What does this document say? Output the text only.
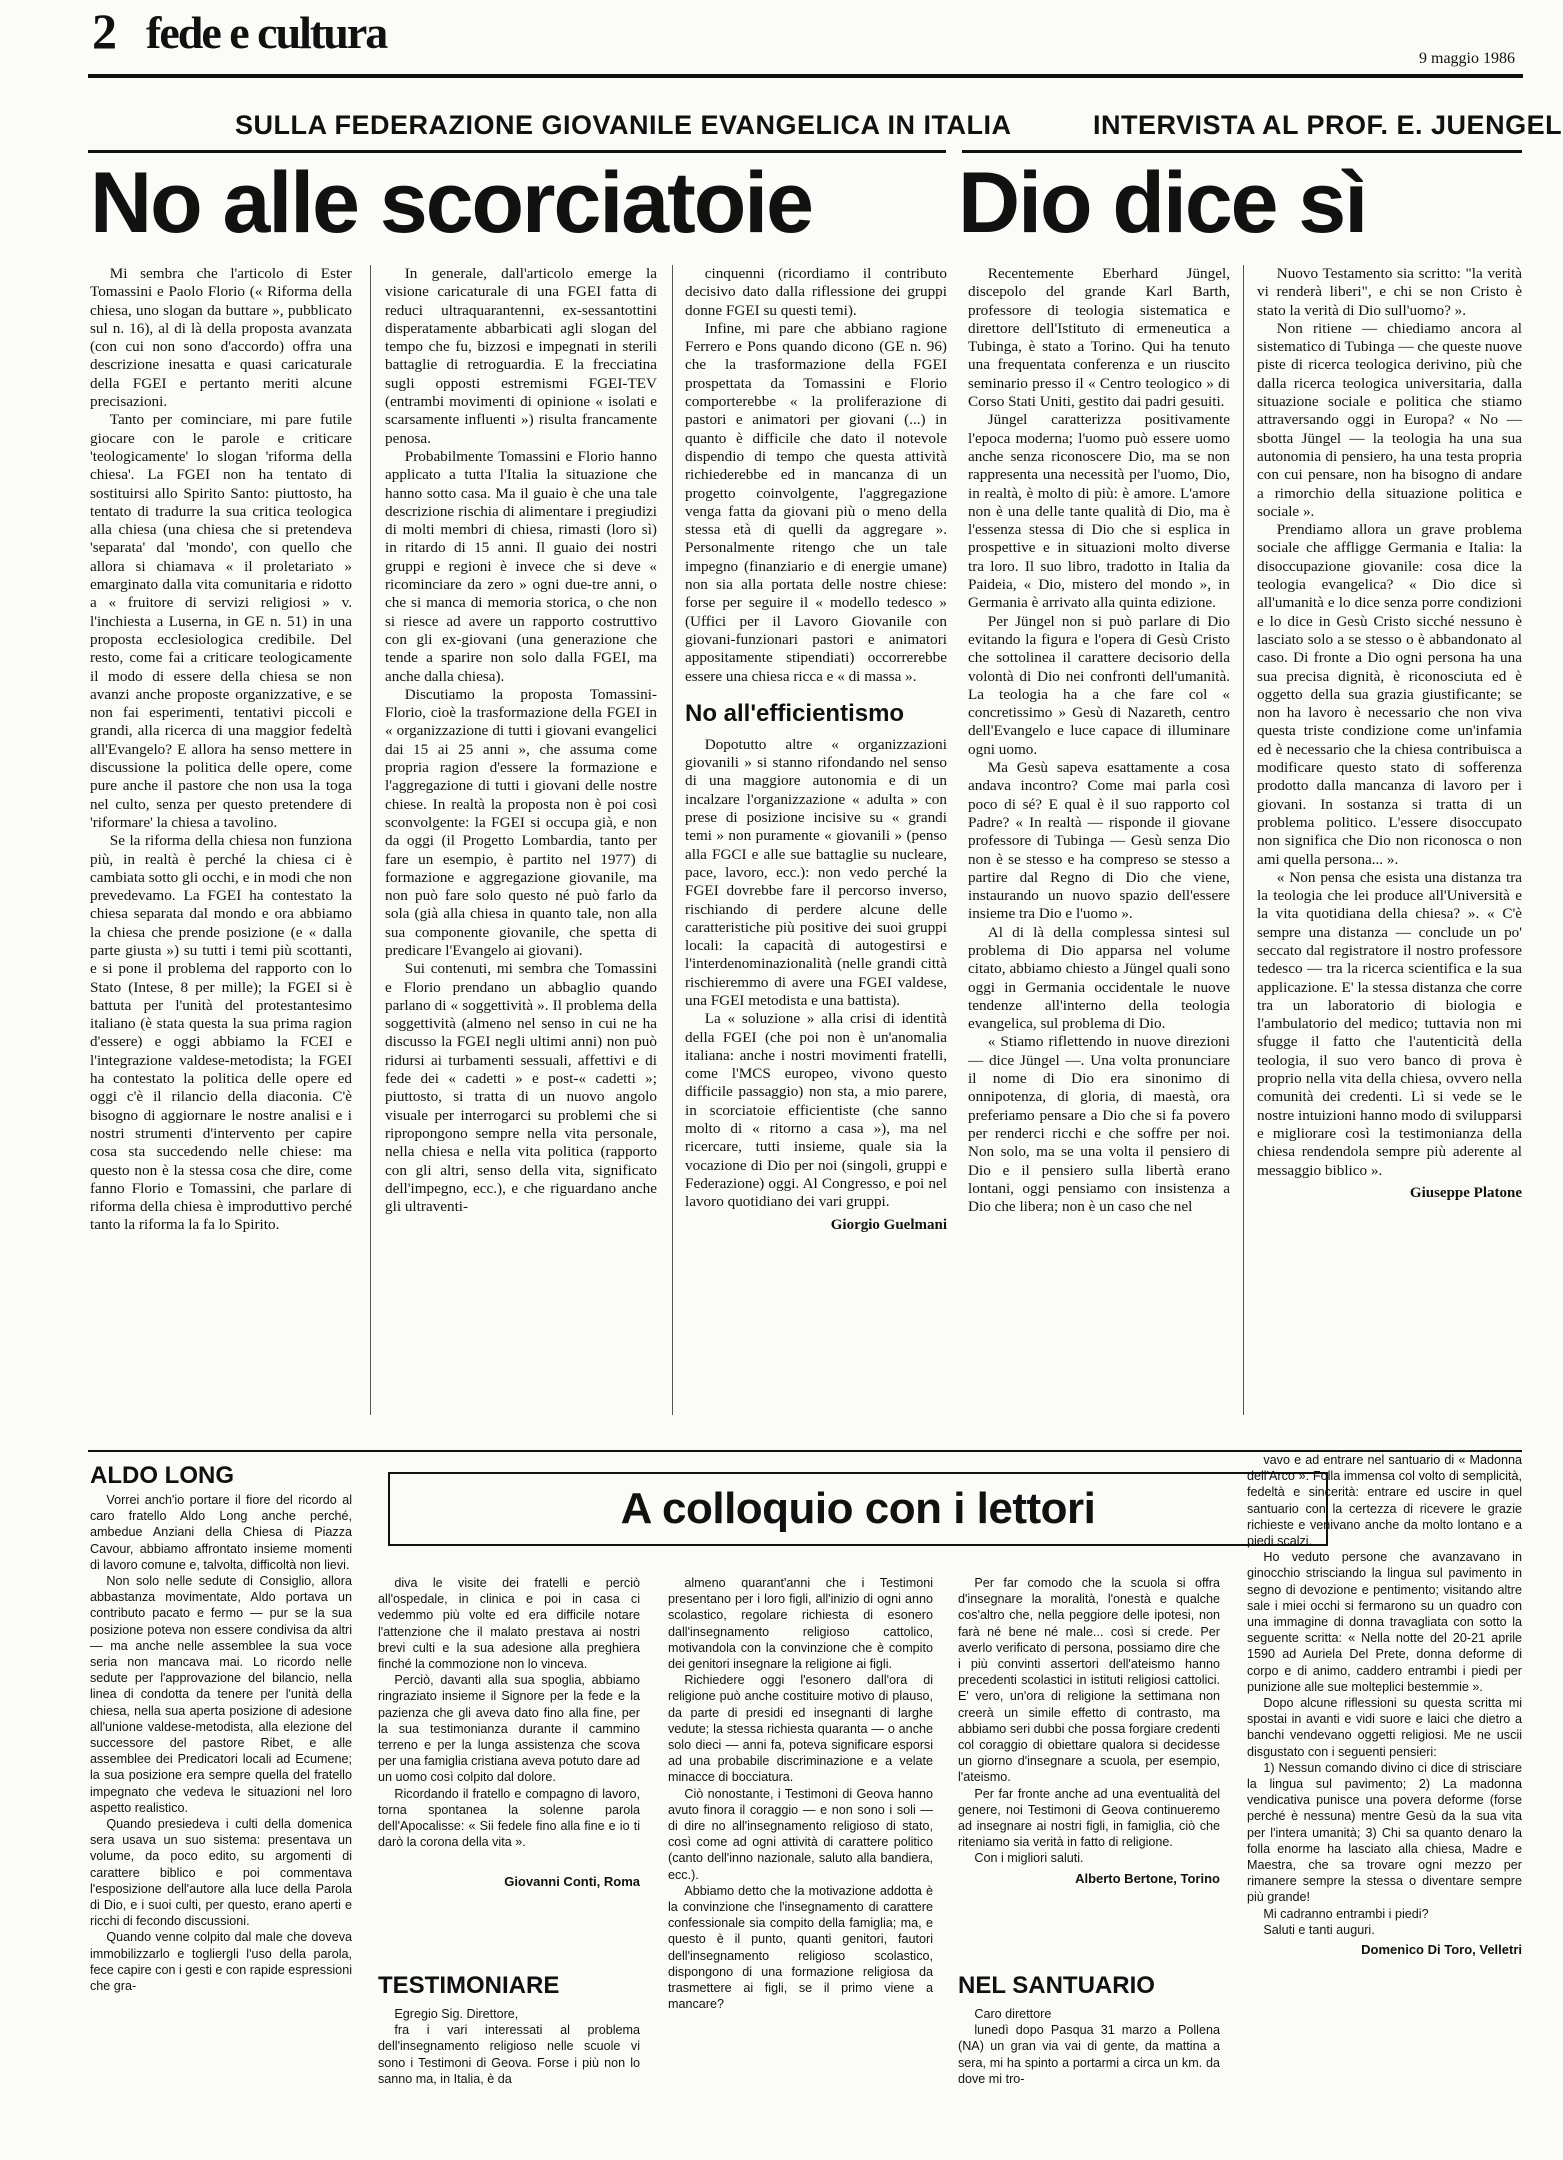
2 fede e cultura
9 maggio 1986
SULLA FEDERAZIONE GIOVANILE EVANGELICA IN ITALIA	INTERVISTA AL PROF. E. JUENGEL
No alle scorciatoie Dio dice sì

Mi sembra che l'articolo di Ester Tomassini e Paolo Florio (« Riforma della chiesa, uno slogan da buttare », pubblicato sul n. 16), al di là della proposta avanzata (con cui non sono d'accordo) offra una descrizione inesatta e quasi caricaturale della FGEI e pertanto meriti alcune precisazioni.

Tanto per cominciare, mi pare futile giocare con le parole e criticare 'teologicamente' lo slogan 'riforma della chiesa'. La FGEI non ha tentato di sostituirsi allo Spirito Santo: piuttosto, ha tentato di tradurre la sua critica teologica alla chiesa (una chiesa che si pretendeva 'separata' dal 'mondo', con quello che allora si chiamava « il proletariato » emarginato dalla vita comunitaria e ridotto a « fruitore di servizi religiosi » v. l'inchiesta a Luserna, in GE n. 51) in una proposta ecclesiologica credibile. Del resto, come fai a criticare teologicamente il modo di essere della chiesa se non avanzi anche proposte organizzative, e se non fai esperimenti, tentativi piccoli e grandi, alla ricerca di una maggior fedeltà all'Evangelo? E allora ha senso mettere in discussione la politica delle opere, come pure anche il pastore che non usa la toga nel culto, senza per questo pretendere di 'riformare' la chiesa a tavolino.

Se la riforma della chiesa non funziona più, in realtà è perché la chiesa ci è cambiata sotto gli occhi, e in modi che non prevedevamo. La FGEI ha contestato la chiesa separata dal mondo e ora abbiamo la chiesa che prende posizione (e « dalla parte giusta ») su tutti i temi più scottanti, e si pone il problema del rapporto con lo Stato (Intese, 8 per mille); la FGEI si è battuta per l'unità del protestantesimo italiano (è stata questa la sua prima ragion d'essere) e oggi abbiamo la FCEI e l'integrazione valdese-metodista; la FGEI ha contestato la politica delle opere ed oggi c'è il rilancio della diaconia. C'è bisogno di aggiornare le nostre analisi e i nostri strumenti d'intervento per capire cosa sta succedendo nelle chiese: ma questo non è la stessa cosa che dire, come fanno Florio e Tomassini, che parlare di riforma della chiesa è improduttivo perché tanto la riforma la fa lo Spirito.

In generale, dall'articolo emerge la visione caricaturale di una FGEI fatta di reduci ultraquarantenni, ex-sessantottini disperatamente abbarbicati agli slogan del tempo che fu, bizzosi e impegnati in sterili battaglie di retroguardia. E la frecciatina sugli opposti estremismi FGEI-TEV (entrambi movimenti di opinione « isolati e scarsamente influenti ») risulta francamente penosa.

Probabilmente Tomassini e Florio hanno applicato a tutta l'Italia la situazione che hanno sotto casa. Ma il guaio è che una tale descrizione rischia di alimentare i pregiudizi di molti membri di chiesa, rimasti (loro sì) in ritardo di 15 anni. Il guaio dei nostri gruppi e regioni è invece che si deve « ricominciare da zero » ogni due-tre anni, o che si manca di memoria storica, o che non si riesce ad avere un rapporto costruttivo con gli ex-giovani (una generazione che tende a sparire non solo dalla FGEI, ma anche dalla chiesa).

Discutiamo la proposta Tomassini-Florio, cioè la trasformazione della FGEI in « organizzazione di tutti i giovani evangelici dai 15 ai 25 anni », che assuma come propria ragion d'essere la formazione e l'aggregazione di tutti i giovani delle nostre chiese. In realtà la proposta non è poi così sconvolgente: la FGEI si occupa già, e non da oggi (il Progetto Lombardia, tanto per fare un esempio, è partito nel 1977) di formazione e aggregazione giovanile, ma non può fare solo questo né può farlo da sola (già alla chiesa in quanto tale, non alla sua componente giovanile, che spetta di predicare l'Evangelo ai giovani).

Sui contenuti, mi sembra che Tomassini e Florio prendano un abbaglio quando parlano di « soggettività ». Il problema della soggettività (almeno nel senso in cui ne ha discusso la FGEI negli ultimi anni) non può ridursi ai turbamenti sessuali, affettivi e di fede dei « cadetti » e post-« cadetti »; piuttosto, si tratta di un nuovo angolo visuale per interrogarci su problemi che si ripropongono sempre nella vita personale, nella chiesa e nella vita politica (rapporto con gli altri, senso della vita, significato dell'impegno, ecc.), e che riguardano anche gli ultraventi-

cinquenni (ricordiamo il contributo decisivo dato dalla riflessione dei gruppi donne FGEI su questi temi).

Infine, mi pare che abbiano ragione Ferrero e Pons quando dicono (GE n. 96) che la trasformazione della FGEI prospettata da Tomassini e Florio comporterebbe « la proliferazione di pastori e animatori per giovani (...) in quanto è difficile che dato il notevole dispendio di tempo che questa attività richiederebbe ed in mancanza di un progetto coinvolgente, l'aggregazione venga fatta da giovani più o meno della stessa età di quelli da aggregare ». Personalmente ritengo che un tale impegno (finanziario e di energie umane) non sia alla portata delle nostre chiese: forse per seguire il « modello tedesco » (Uffici per il Lavoro Giovanile con giovani-funzionari pastori e animatori appositamente stipendiati) occorrerebbe essere una chiesa ricca e « di massa ».

No all'efficientismo

Dopotutto altre « organizzazioni giovanili » si stanno rifondando nel senso di una maggiore autonomia e di un incalzare l'organizzazione « adulta » con prese di posizione incisive su « grandi temi » non puramente « giovanili » (penso alla FGCI e alle sue battaglie su nucleare, pace, lavoro, ecc.): non vedo perché la FGEI dovrebbe fare il percorso inverso, rischiando di perdere alcune delle caratteristiche più positive dei suoi gruppi locali: la capacità di autogestirsi e l'interdenominazionalità (nelle grandi città rischieremmo di avere una FGEI valdese, una FGEI metodista e una battista).

La « soluzione » alla crisi di identità della FGEI (che poi non è un'anomalia italiana: anche i nostri movimenti fratelli, come l'MCS europeo, vivono questo difficile passaggio) non sta, a mio parere, in scorciatoie efficientiste (che sanno molto di « ritorno a casa »), ma nel ricercare, tutti insieme, quale sia la vocazione di Dio per noi (singoli, gruppi e Federazione) oggi. Al Congresso, e poi nel lavoro quotidiano dei vari gruppi.

Giorgio Guelmani

Recentemente Eberhard Jüngel, discepolo del grande Karl Barth, professore di teologia sistematica e direttore dell'Istituto di ermeneutica a Tubinga, è stato a Torino. Qui ha tenuto una frequentata conferenza e un riuscito seminario presso il « Centro teologico » di Corso Stati Uniti, gestito dai padri gesuiti.

Jüngel caratterizza positivamente l'epoca moderna; l'uomo può essere uomo anche senza riconoscere Dio, ma se non rappresenta una necessità per l'uomo, Dio, in realtà, è molto di più: è amore. L'amore non è una delle tante qualità di Dio, ma è l'essenza stessa di Dio che si esplica in prospettive e in situazioni molto diverse tra loro. Il suo libro, tradotto in Italia da Paideia, « Dio, mistero del mondo », in Germania è arrivato alla quinta edizione.

Per Jüngel non si può parlare di Dio evitando la figura e l'opera di Gesù Cristo che sottolinea il carattere decisorio della volontà di Dio nei confronti dell'umanità. La teologia ha a che fare col « concretissimo » Gesù di Nazareth, centro dell'Evangelo e luce capace di illuminare ogni uomo.

Ma Gesù sapeva esattamente a cosa andava incontro? Come mai parla così poco di sé? E qual è il suo rapporto col Padre? « In realtà — risponde il giovane professore di Tubinga — Gesù senza Dio non è se stesso e ha compreso se stesso a partire dal Regno di Dio che viene, instaurando un nuovo spazio dell'essere insieme tra Dio e l'uomo ».

Al di là della complessa sintesi sul problema di Dio apparsa nel volume citato, abbiamo chiesto a Jüngel quali sono oggi in Germania occidentale le nuove tendenze all'interno della teologia evangelica, sul problema di Dio.

« Stiamo riflettendo in nuove direzioni — dice Jüngel —. Una volta pronunciare il nome di Dio era sinonimo di onnipotenza, di gloria, di maestà, ora preferiamo pensare a Dio che si fa povero per renderci ricchi e che soffre per noi. Non solo, ma se una volta il pensiero di Dio e il pensiero sulla libertà erano lontani, oggi pensiamo con insistenza a Dio che libera; non è un caso che nel

Nuovo Testamento sia scritto: "la verità vi renderà liberi", e chi se non Cristo è stato la verità di Dio sull'uomo? ».

Non ritiene — chiediamo ancora al sistematico di Tubinga — che queste nuove piste di ricerca teologica derivino, più che dalla ricerca teologica universitaria, dalla situazione sociale e politica che stiamo attraversando oggi in Europa? « No — sbotta Jüngel — la teologia ha una sua autonomia di pensiero, ha una testa propria con cui pensare, non ha bisogno di andare a rimorchio della situazione politica e sociale ».

Prendiamo allora un grave problema sociale che affligge Germania e Italia: la disoccupazione giovanile: cosa dice la teologia evangelica? « Dio dice sì all'umanità e lo dice senza porre condizioni e lo dice in Gesù Cristo sicché nessuno è lasciato solo a se stesso o è abbandonato al caso. Di fronte a Dio ogni persona ha una sua precisa dignità, è riconosciuta ed è oggetto della sua grazia giustificante; se non ha lavoro è necessario che non viva questa triste condizione come un'infamia ed è necessario che la chiesa contribuisca a modificare questo stato di sofferenza prodotto dalla mancanza di lavoro per i giovani. In sostanza si tratta di un problema politico. L'essere disoccupato non significa che Dio non riconosca o non ami quella persona... ».

« Non pensa che esista una distanza tra la teologia che lei produce all'Università e la vita quotidiana della chiesa? ». « C'è sempre una distanza — conclude un po' seccato dal registratore il nostro professore tedesco — tra la ricerca scientifica e la sua applicazione. E' la stessa distanza che corre tra un laboratorio di biologia e l'ambulatorio del medico; tuttavia non mi sfugge il fatto che l'autenticità della teologia, il suo vero banco di prova è proprio nella vita della chiesa, ovvero nella comunità dei credenti. Lì si vede se le nostre intuizioni hanno modo di svilupparsi e migliorare così la testimonianza della chiesa rendendola sempre più aderente al messaggio biblico ».

Giuseppe Platone
ALDO LONG
A colloquio con i lettori

Vorrei anch'io portare il fiore del ricordo al caro fratello Aldo Long anche perché, ambedue Anziani della Chiesa di Piazza Cavour, abbiamo affrontato insieme momenti di lavoro comune e, talvolta, difficoltà non lievi.

Non solo nelle sedute di Consiglio, allora abbastanza movimentate, Aldo portava un contributo pacato e fermo — pur se la sua posizione poteva non essere condivisa da altri — ma anche nelle assemblee la sua voce seria non mancava mai. Lo ricordo nelle sedute per l'approvazione del bilancio, nella linea di condotta da tenere per l'unità della chiesa, nella sua aperta posizione di adesione all'unione valdese-metodista, alla elezione del successore del pastore Ribet, e alle assemblee dei Predicatori locali ad Ecumene; la sua posizione era sempre quella del fratello impegnato che vedeva le situazioni nel loro aspetto realistico.

Quando presiedeva i culti della domenica sera usava un suo sistema: presentava un volume, da poco edito, su argomenti di carattere biblico e poi commentava l'esposizione dell'autore alla luce della Parola di Dio, e i suoi culti, per questo, erano aperti e ricchi di fecondo discussioni.

Quando venne colpito dal male che doveva immobilizzarlo e togliergli l'uso della parola, fece capire con i gesti e con rapide espressioni che gra-

diva le visite dei fratelli e perciò all'ospedale, in clinica e poi in casa ci vedemmo più volte ed era difficile notare l'attenzione che il malato prestava ai nostri brevi culti e la sua adesione alla preghiera finché la commozione non lo vinceva.

Perciò, davanti alla sua spoglia, abbiamo ringraziato insieme il Signore per la fede e la pazienza che gli aveva dato fino alla fine, per la sua testimonianza durante il cammino terreno e per la lunga assistenza che scova per una famiglia cristiana aveva potuto dare ad un uomo così colpito dal dolore.

Ricordando il fratello e compagno di lavoro, torna spontanea la solenne parola dell'Apocalisse: « Sii fedele fino alla fine e io ti darò la corona della vita ».

Giovanni Conti, Roma
TESTIMONIARE

Egregio Sig. Direttore,

fra i vari interessati al problema dell'insegnamento religioso nelle scuole vi sono i Testimoni di Geova. Forse i più non lo sanno ma, in Italia, è da

almeno quarant'anni che i Testimoni presentano per i loro figli, all'inizio di ogni anno scolastico, regolare richiesta di esonero dall'insegnamento religioso cattolico, motivandola con la convinzione che è compito dei genitori insegnare la religione ai figli.

Richiedere oggi l'esonero dall'ora di religione può anche costituire motivo di plauso, da parte di presidi ed insegnanti di larghe vedute; la stessa richiesta quaranta — o anche solo dieci — anni fa, poteva significare esporsi ad una probabile discriminazione e a velate minacce di bocciatura.

Ciò nonostante, i Testimoni di Geova hanno avuto finora il coraggio — e non sono i soli — di dire no all'insegnamento religioso di stato, così come ad ogni attività di carattere politico (canto dell'inno nazionale, saluto alla bandiera, ecc.).

Abbiamo detto che la motivazione addotta è la convinzione che l'insegnamento di carattere confessionale sia compito della famiglia; ma, e questo è il punto, quanti genitori, fautori dell'insegnamento religioso scolastico, dispongono di una formazione religiosa da trasmettere ai figli, se il primo viene a mancare?

Per far comodo che la scuola si offra d'insegnare la moralità, l'onestà e qualche cos'altro che, nella peggiore delle ipotesi, non farà né bene né male... così si crede. Per averlo verificato di persona, possiamo dire che i più convinti assertori dell'ateismo hanno precedenti scolastici in istituti religiosi cattolici. E' vero, un'ora di religione la settimana non creerà un simile effetto di contrasto, ma abbiamo seri dubbi che possa forgiare credenti col coraggio di obiettare qualora si decidesse un giorno d'insegnare a scuola, per esempio, l'ateismo.

Per far fronte anche ad una eventualità del genere, noi Testimoni di Geova continueremo ad insegnare ai nostri figli, in famiglia, ciò che riteniamo sia verità in fatto di religione.

Con i migliori saluti.

Alberto Bertone, Torino
NEL SANTUARIO

Caro direttore

lunedì dopo Pasqua 31 marzo a Pollena (NA) un gran via vai di gente, da mattina a sera, mi ha spinto a portarmi a circa un km. da dove mi tro-

vavo e ad entrare nel santuario di « Madonna dell'Arco ». Folla immensa col volto di semplicità, fedeltà e sincerità: entrare ed uscire in quel santuario con la certezza di ricevere le grazie richieste e venivano anche da molto lontano e a piedi scalzi.

Ho veduto persone che avanzavano in ginocchio strisciando la lingua sul pavimento in segno di devozione e pentimento; visitando altre sale i miei occhi si fermarono su un quadro con una immagine di donna travagliata con sotto la seguente scritta: « Nella notte del 20-21 aprile 1590 ad Auriela Del Prete, donna deforme di corpo e di animo, caddero entrambi i piedi per punizione alle sue molteplici bestemmie ».

Dopo alcune riflessioni su questa scritta mi spostai in avanti e vidi suore e laici che dietro a banchi vendevano oggetti religiosi. Me ne uscii disgustato con i seguenti pensieri:

1) Nessun comando divino ci dice di strisciare la lingua sul pavimento; 2) La madonna vendicativa punisce una povera deforme (forse perché è nessuna) mentre Gesù da la sua vita per l'intera umanità; 3) Chi sa quanto denaro la folla enorme ha lasciato alla chiesa, Madre e Maestra, che sa trovare ogni mezzo per rimanere sempre la stessa o diventare sempre più grande!

Mi cadranno entrambi i piedi?

Saluti e tanti auguri.

Domenico Di Toro, Velletri
